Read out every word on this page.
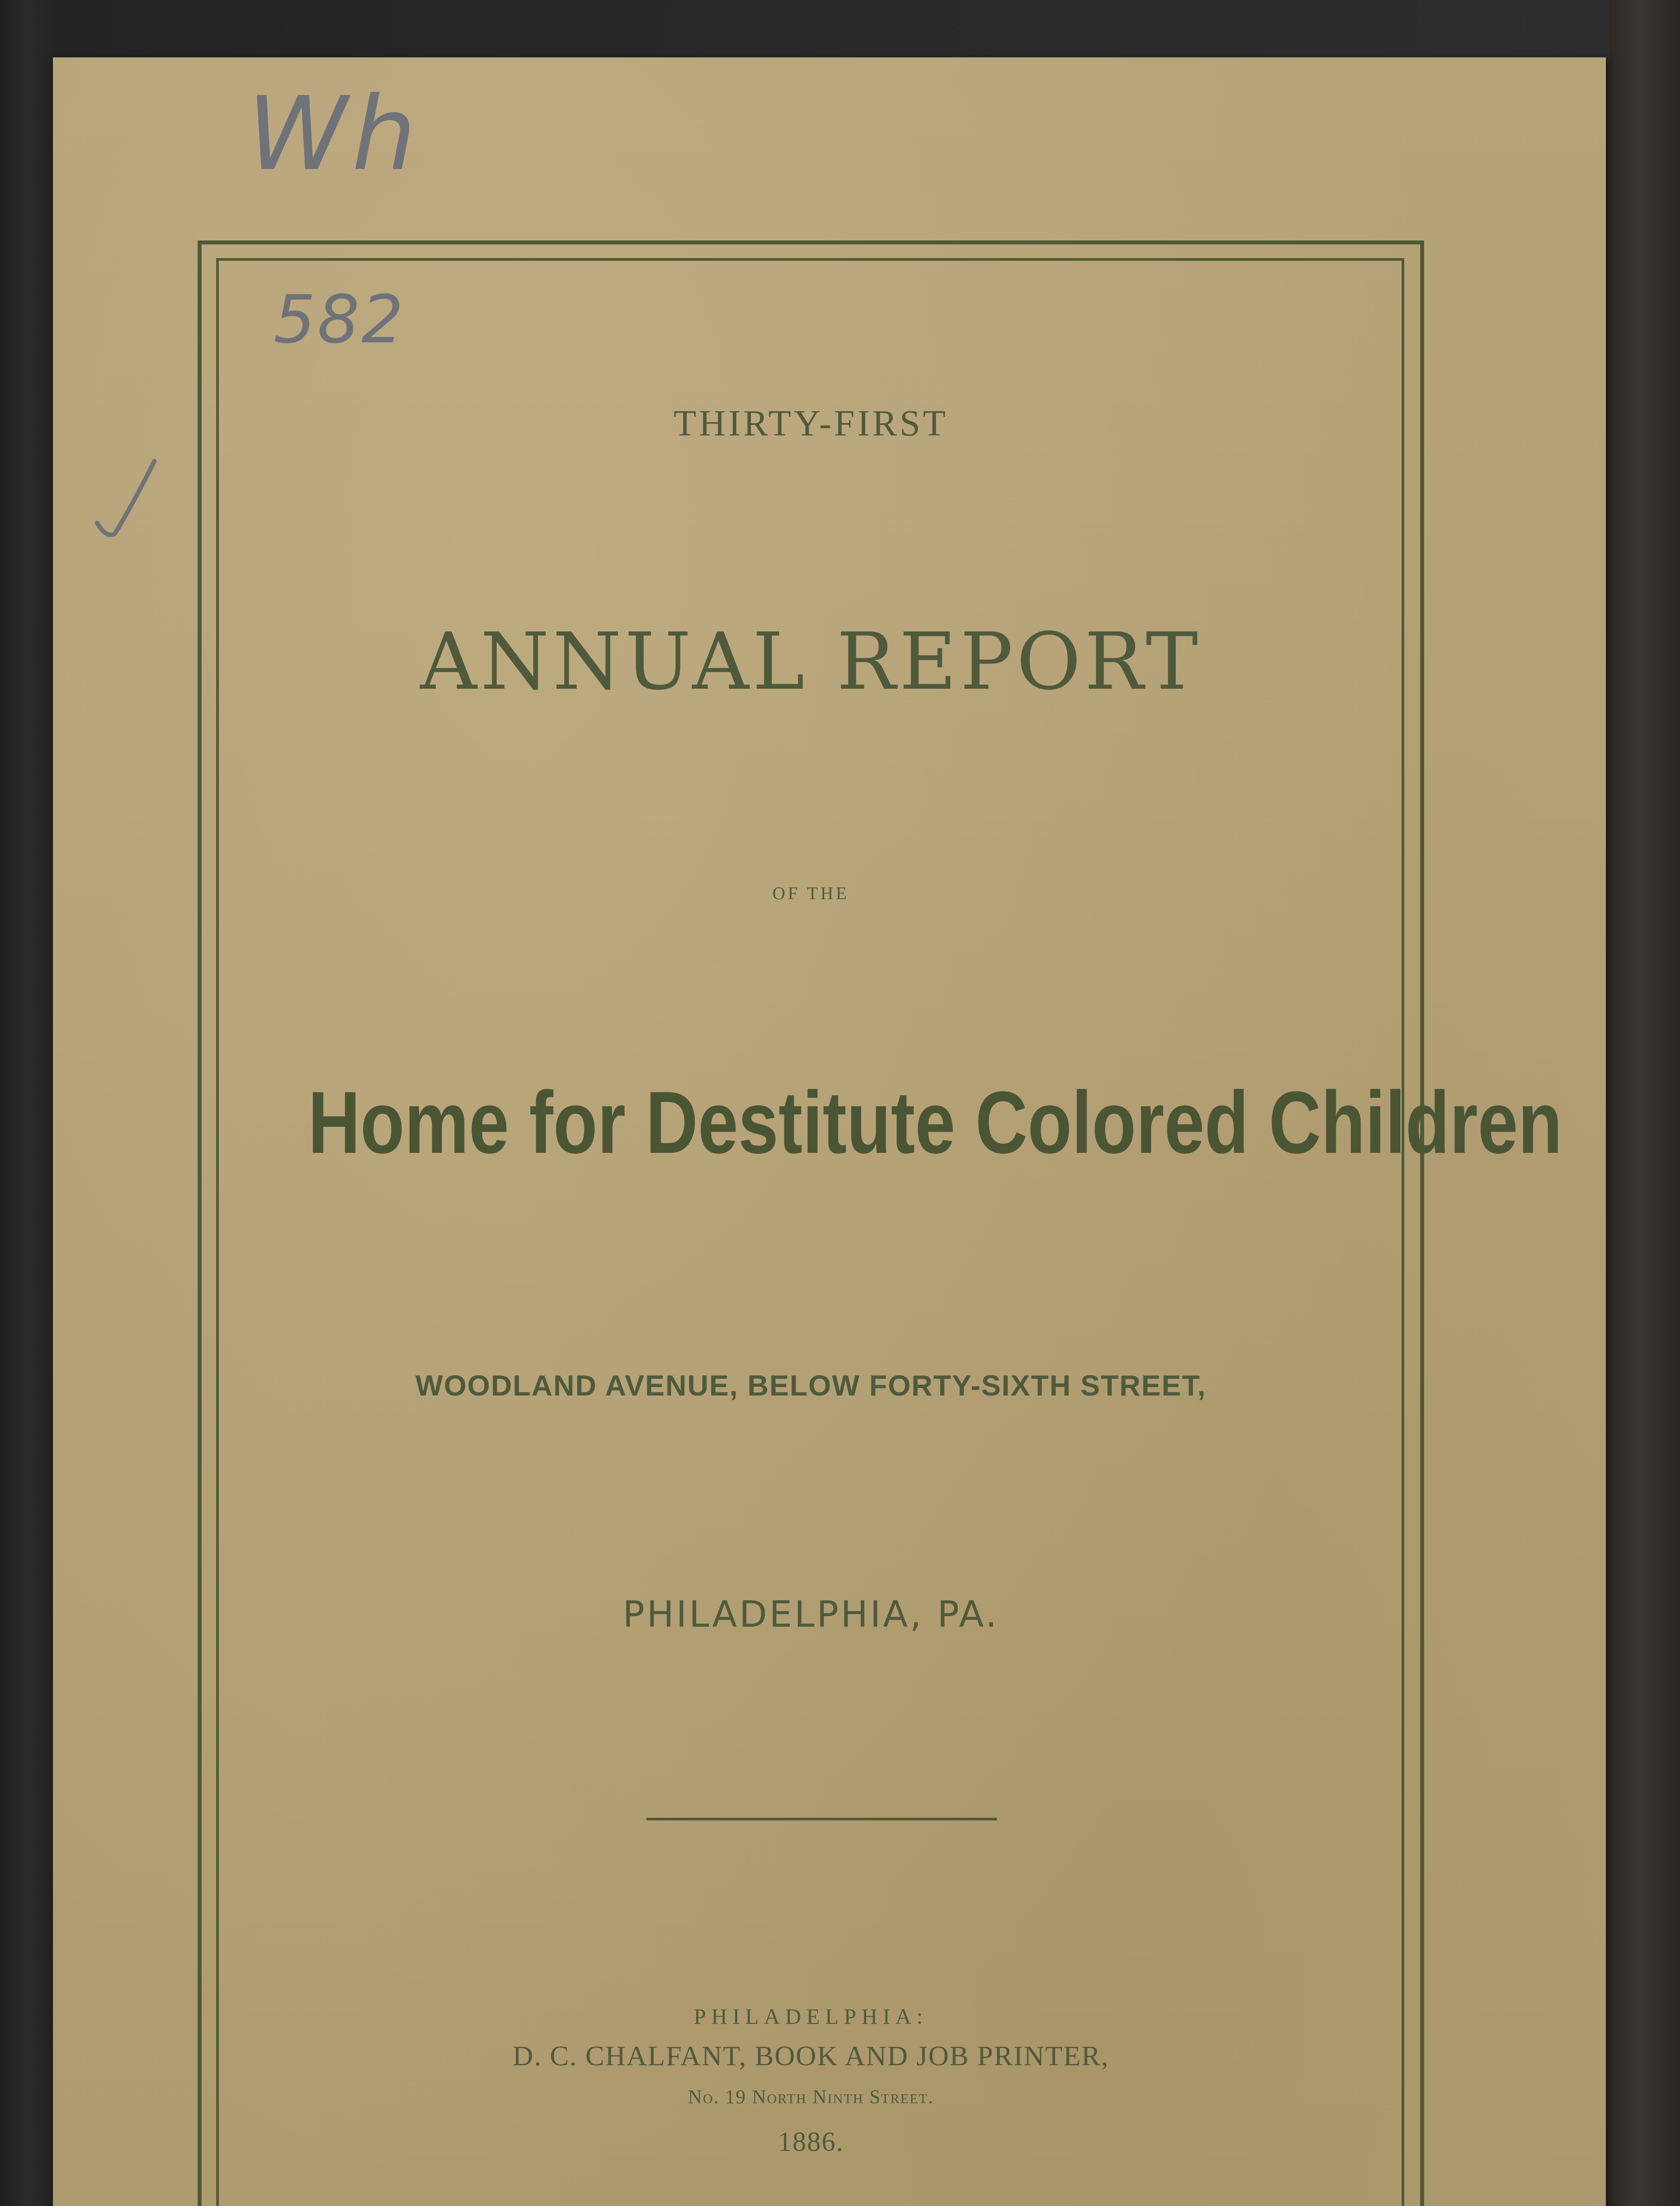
Wh

582

THIRTY-FIRST

ANNUAL REPORT

OF THE

Home for Destitute Colored Children

WOODLAND AVENUE, BELOW FORTY-SIXTH STREET,

PHILADELPHIA, PA.

PHILADELPHIA:

D. C. CHALFANT, BOOK AND JOB PRINTER,

No. 19 North Ninth Street.

1886.
